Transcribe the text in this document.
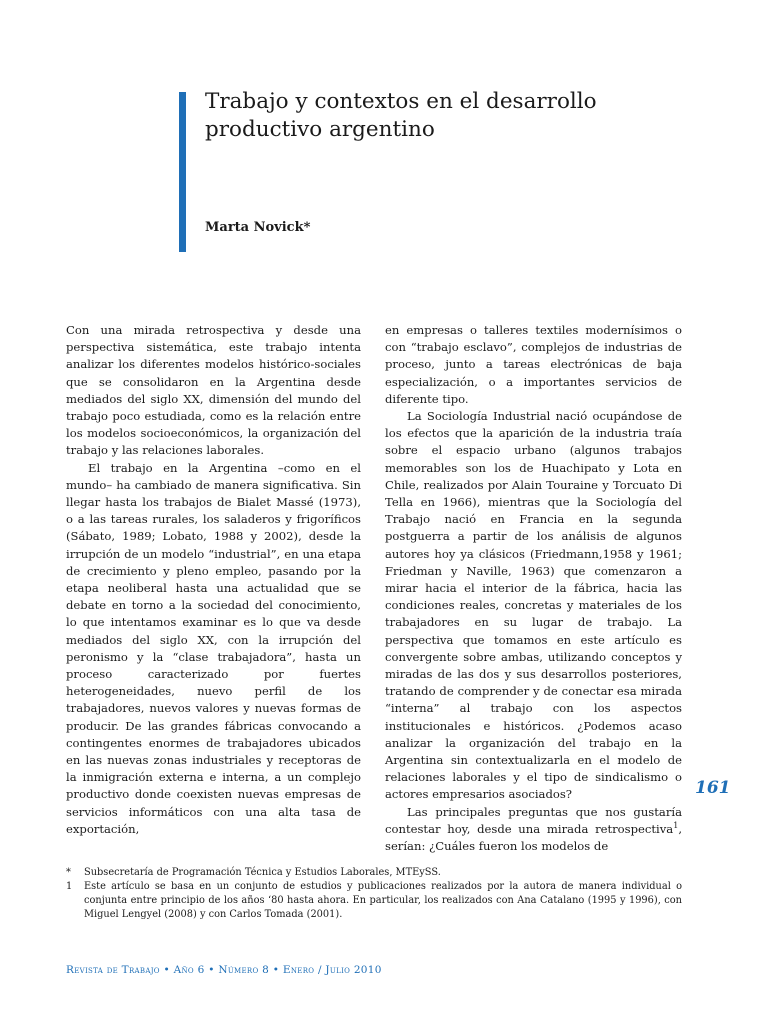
Trabajo y contextos en el desarrollo productivo argentino
Marta Novick*

Con una mirada retrospectiva y desde una perspectiva sistemática, este trabajo intenta analizar los diferentes modelos histórico-sociales que se consolidaron en la Argentina desde mediados del siglo XX, dimensión del mundo del trabajo poco estudiada, como es la relación entre los modelos socioeconómicos, la organización del trabajo y las relaciones laborales.

El trabajo en la Argentina –como en el mundo– ha cambiado de manera significativa. Sin llegar hasta los trabajos de Bialet Massé (1973), o a las tareas rurales, los saladeros y frigoríficos (Sábato, 1989; Lobato, 1988 y 2002), desde la irrupción de un modelo “industrial”, en una etapa de crecimiento y pleno empleo, pasando por la etapa neoliberal hasta una actualidad que se debate en torno a la sociedad del conocimiento, lo que intentamos examinar es lo que va desde mediados del siglo XX, con la irrupción del peronismo y la “clase trabajadora”, hasta un proceso caracterizado por fuertes heterogeneidades, nuevo perfil de los trabajadores, nuevos valores y nuevas formas de producir. De las grandes fábricas convocando a contingentes enormes de trabajadores ubicados en las nuevas zonas industriales y receptoras de la inmigración externa e interna, a un complejo productivo donde coexisten nuevas empresas de servicios informáticos con una alta tasa de exportación,

en empresas o talleres textiles modernísimos o con “trabajo esclavo”, complejos de industrias de proceso, junto a tareas electrónicas de baja especialización, o a importantes servicios de diferente tipo.

La Sociología Industrial nació ocupándose de los efectos que la aparición de la industria traía sobre el espacio urbano (algunos trabajos memorables son los de Huachipato y Lota en Chile, realizados por Alain Touraine y Torcuato Di Tella en 1966), mientras que la Sociología del Trabajo nació en Francia en la segunda postguerra a partir de los análisis de algunos autores hoy ya clásicos (Friedmann,1958 y 1961; Friedman y Naville, 1963) que comenzaron a mirar hacia el interior de la fábrica, hacia las condiciones reales, concretas y materiales de los trabajadores en su lugar de trabajo. La perspectiva que tomamos en este artículo es convergente sobre ambas, utilizando conceptos y miradas de las dos y sus desarrollos posteriores, tratando de comprender y de conectar esa mirada “interna” al trabajo con los aspectos institucionales e históricos. ¿Podemos acaso analizar la organización del trabajo en la Argentina sin contextualizarla en el modelo de relaciones laborales y el tipo de sindicalismo o actores empresarios asociados?

Las principales preguntas que nos gustaría contestar hoy, desde una mirada retrospectiva$^1$, serían: ¿Cuáles fueron los modelos de

161
*	Subsecretaría de Programación Técnica y Estudios Laborales, MTEySS.
1	Este artículo se basa en un conjunto de estudios y publicaciones realizados por la autora de manera individual o conjunta entre principio de los años ‘80 hasta ahora. En particular, los realizados con Ana Catalano (1995 y 1996), con Miguel Lengyel (2008) y con Carlos Tomada (2001).
Revista de Trabajo • Año 6 • Número 8 • Enero / Julio 2010
